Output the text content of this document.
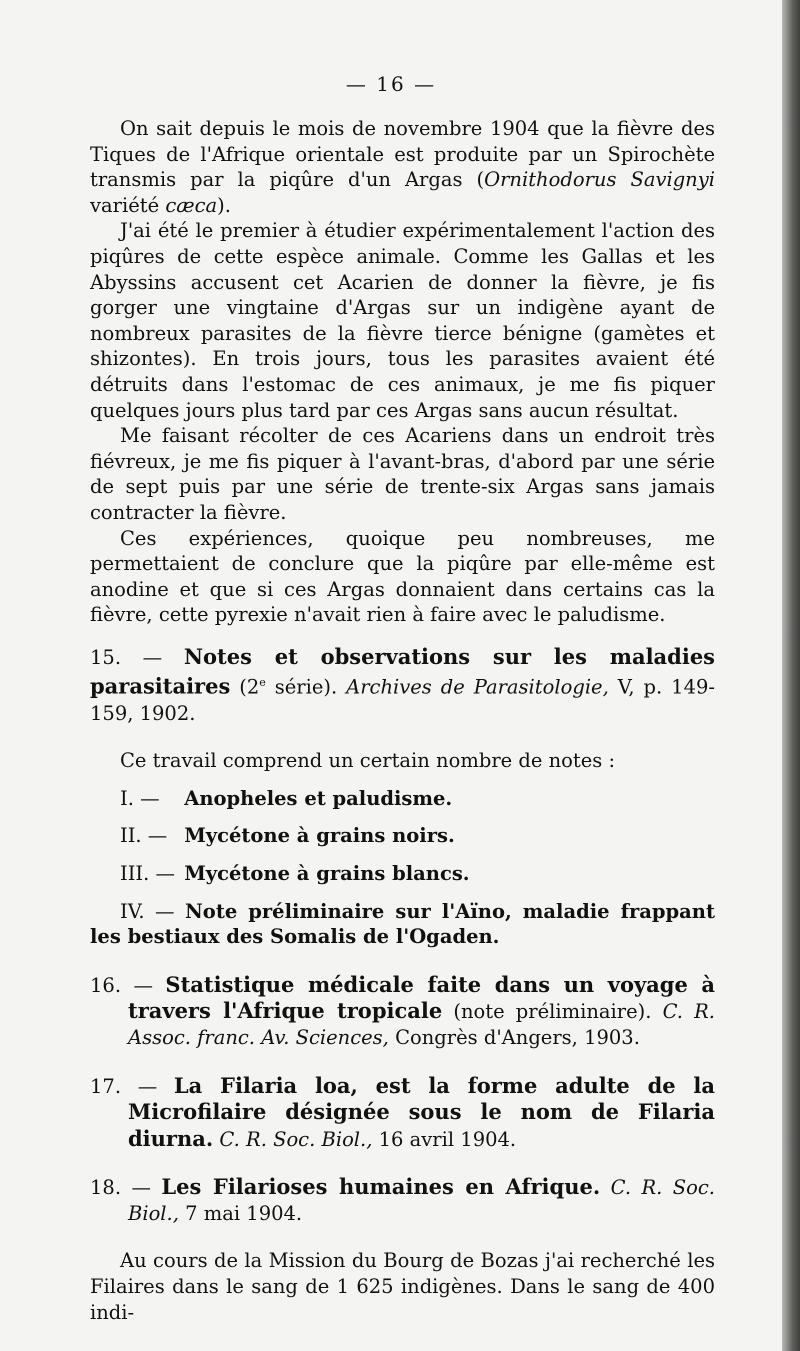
— 16 —

On sait depuis le mois de novembre 1904 que la fièvre des Tiques de l'Afrique orientale est produite par un Spirochète transmis par la piqûre d'un Argas (Ornithodorus Savignyi variété cæca).

J'ai été le premier à étudier expérimentalement l'action des piqûres de cette espèce animale. Comme les Gallas et les Abyssins accusent cet Acarien de donner la fièvre, je fis gorger une vingtaine d'Argas sur un indigène ayant de nombreux parasites de la fièvre tierce bénigne (gamètes et shizontes). En trois jours, tous les parasites avaient été détruits dans l'estomac de ces animaux, je me fis piquer quelques jours plus tard par ces Argas sans aucun résultat.

Me faisant récolter de ces Acariens dans un endroit très fiévreux, je me fis piquer à l'avant-bras, d'abord par une série de sept puis par une série de trente-six Argas sans jamais contracter la fièvre.

Ces expériences, quoique peu nombreuses, me permettaient de conclure que la piqûre par elle-même est anodine et que si ces Argas donnaient dans certains cas la fièvre, cette pyrexie n'avait rien à faire avec le paludisme.

15. — Notes et observations sur les maladies parasitaires (2e série). Archives de Parasitologie, V, p. 149-159, 1902.

Ce travail comprend un certain nombre de notes :

I. — Anopheles et paludisme.

II. — Mycétone à grains noirs.

III. — Mycétone à grains blancs.

IV. — Note préliminaire sur l'Aïno, maladie frappant les bestiaux des Somalis de l'Ogaden.

16. — Statistique médicale faite dans un voyage à travers l'Afrique tropicale (note préliminaire). C. R. Assoc. franc. Av. Sciences, Congrès d'Angers, 1903.

17. — La Filaria loa, est la forme adulte de la Microfilaire désignée sous le nom de Filaria diurna. C. R. Soc. Biol., 16 avril 1904.

18. — Les Filarioses humaines en Afrique. C. R. Soc. Biol., 7 mai 1904.

Au cours de la Mission du Bourg de Bozas j'ai recherché les Filaires dans le sang de 1 625 indigènes. Dans le sang de 400 indi-
